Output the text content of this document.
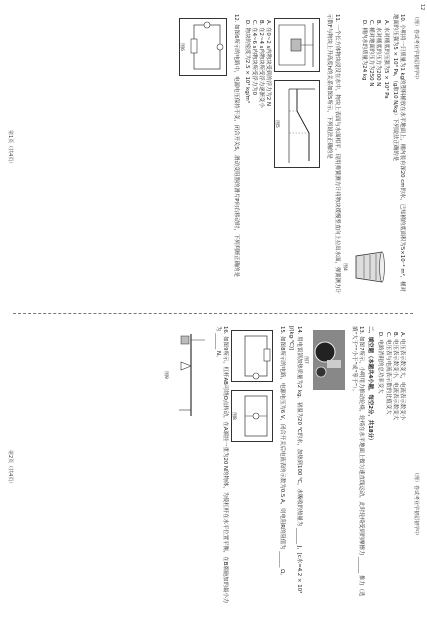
（理）卷试考业学初届初学中
（理）卷试考业学初届初学中
12
10. 小明将一只质量为1 kg的塑料桶放在水平地面上，桶内装有深20 cm的水，已知桶的底面积为5×10⁻² m²，桶对地面的压强为5 × 10³ Pa，（g取10 N/kg）下列说法正确的是
A. 水对桶底的压强为5 × 10³ Pa
B. 水对桶底的压力为200 N
C. 桶对地面的压力为250 N
D. 桶内水的质量为24 kg
图4
11. 一个长方体物块浸没在水中，物块上表面与水面相平，现用弹簧测力计将物块缓慢竖直向上拉出水面，弹簧测力计示数F与物块上升高度h的关系如图5所示，下列说法正确的是
图5
A. 在0~2 s内物块受到的浮力为2 N
B. 在2~4 s内物块所受浮力逐渐变小
C. 在4~6 s内物块所受浮力为0
D. 物块的密度为2.5 × 10³ kg/m³
12. 如图6所示的电路中，电源电压保持不变，闭合开关S，滑动变阻器的滑片P向右移动时，下列判断正确的是
图6
A. 电压表示数变大，电流表示数变小
B. 电压表示数变小，电流表示数变大
C. 电压表与电流表示数的比值变大
D. 电路消耗的总功率变大
二、填空题（本题共4小题，每空2分，共18分）
13. 如图7所示，小明用力推动轮椅，轮椅在水平地面上做匀速直线运动，此时轮椅受到的摩擦力 ______ 推力（选填“大于”“小于”或“等于”）。
图7
14. 用电饭锅加热质量为2 kg、初温为20 ℃的水，加热到100 ℃，水吸收的热量为 ______ J，[c水=4.2 × 10³ J/(kg·℃)]
15. 如图8所示的电路，电源电压为6 V，闭合开关后电流表的示数为0.5 A，则电阻R的阻值为 ______ Ω。
图8
16. 如图9所示，杠杆AB可绕O点转动，在A端挂一重为20 N的物体，为使杠杆在水平位置平衡，在B端施加的最小力为 ______ N。
图9
第1页（共4页）
第2页（共4页）
